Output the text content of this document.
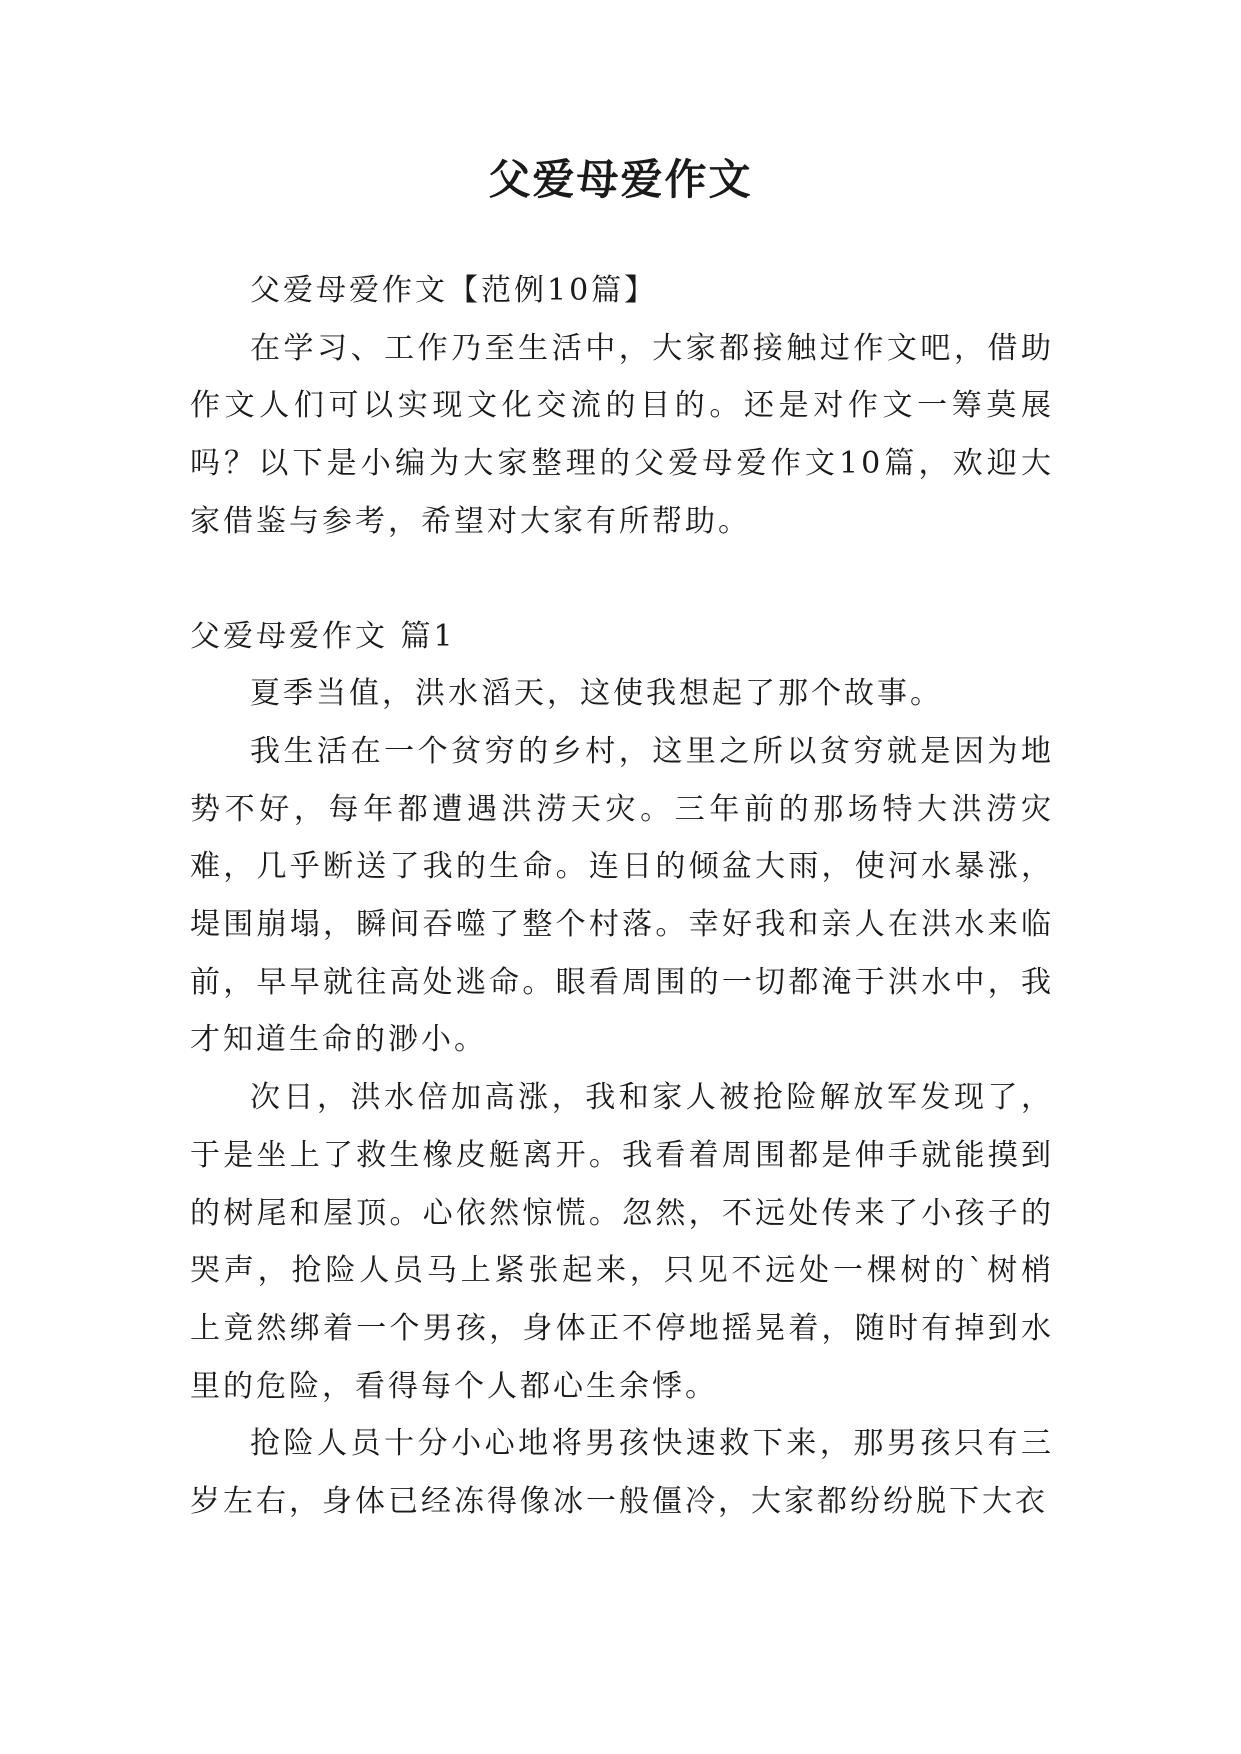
父爱母爱作文

父爱母爱作文【范例10篇】

在学习、工作乃至生活中，大家都接触过作文吧，借助作文人们可以实现文化交流的目的。还是对作文一筹莫展吗？以下是小编为大家整理的父爱母爱作文10篇，欢迎大家借鉴与参考，希望对大家有所帮助。

父爱母爱作文 篇1

夏季当值，洪水滔天，这使我想起了那个故事。

我生活在一个贫穷的乡村，这里之所以贫穷就是因为地势不好，每年都遭遇洪涝天灾。三年前的那场特大洪涝灾难，几乎断送了我的生命。连日的倾盆大雨，使河水暴涨，堤围崩塌，瞬间吞噬了整个村落。幸好我和亲人在洪水来临前，早早就往高处逃命。眼看周围的一切都淹于洪水中，我才知道生命的渺小。

次日，洪水倍加高涨，我和家人被抢险解放军发现了，于是坐上了救生橡皮艇离开。我看着周围都是伸手就能摸到的树尾和屋顶。心依然惊慌。忽然，不远处传来了小孩子的哭声，抢险人员马上紧张起来，只见不远处一棵树的`树梢上竟然绑着一个男孩，身体正不停地摇晃着，随时有掉到水里的危险，看得每个人都心生余悸。

抢险人员十分小心地将男孩快速救下来，那男孩只有三岁左右，身体已经冻得像冰一般僵冷，大家都纷纷脱下大衣
